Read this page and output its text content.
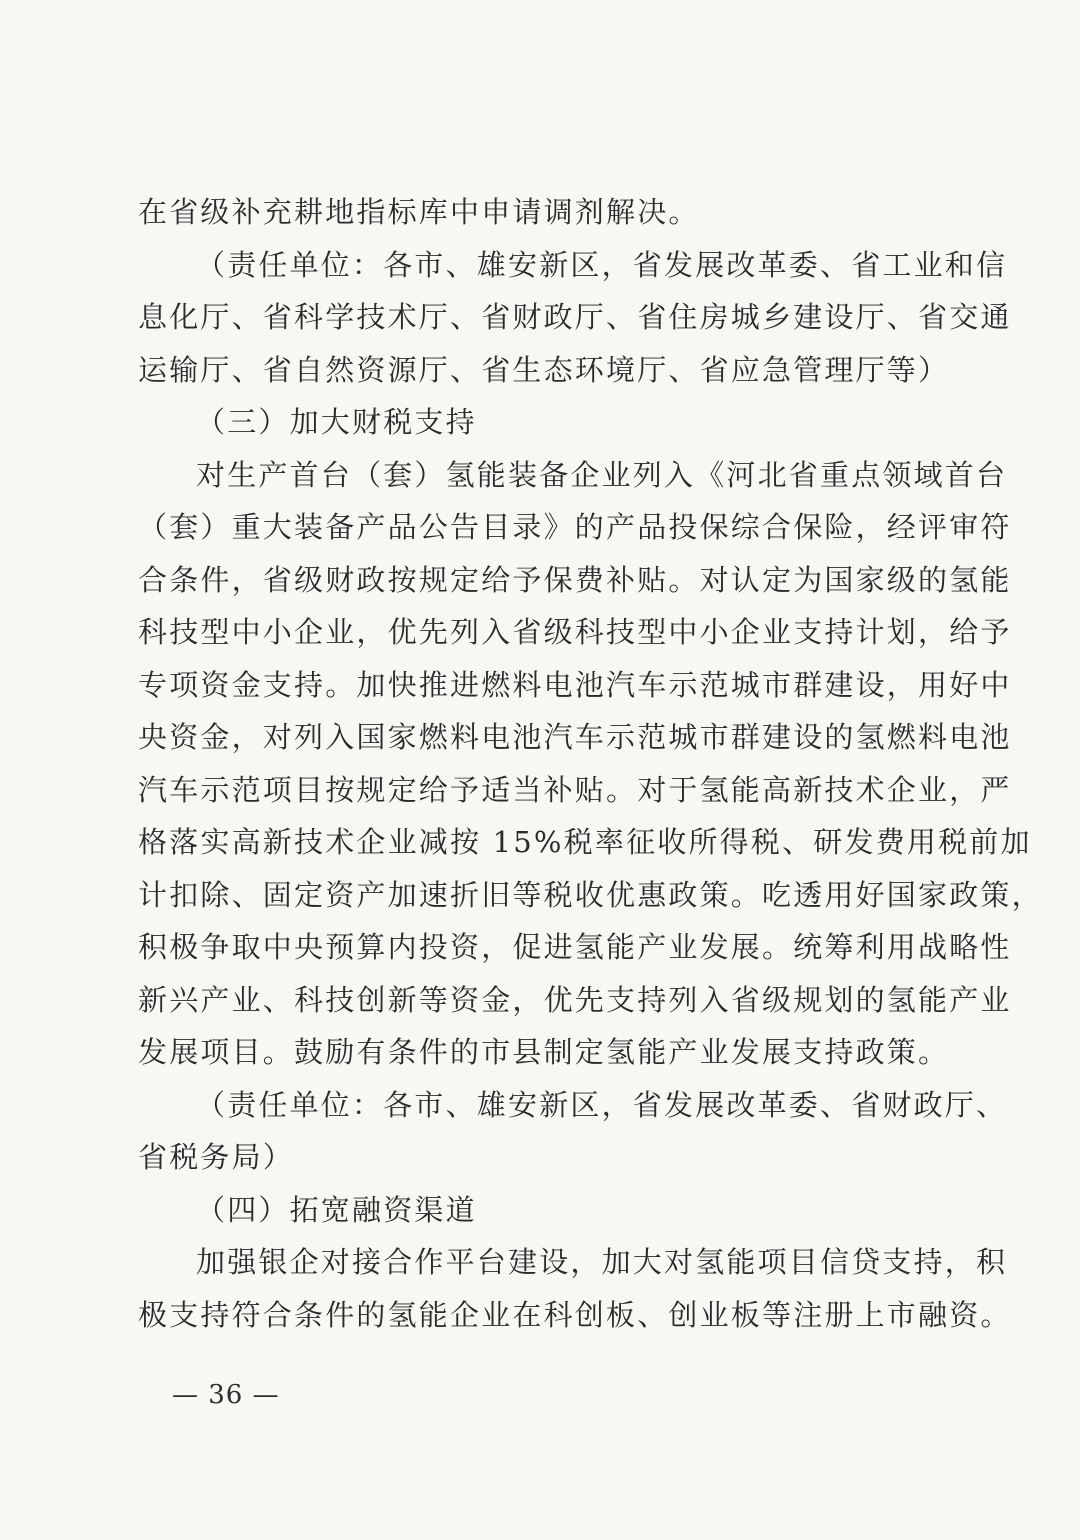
在省级补充耕地指标库中申请调剂解决。
（责任单位：各市、雄安新区，省发展改革委、省工业和信
息化厅、省科学技术厅、省财政厅、省住房城乡建设厅、省交通
运输厅、省自然资源厅、省生态环境厅、省应急管理厅等）
（三）加大财税支持
对生产首台（套）氢能装备企业列入《河北省重点领域首台
（套）重大装备产品公告目录》的产品投保综合保险，经评审符
合条件，省级财政按规定给予保费补贴。对认定为国家级的氢能
科技型中小企业，优先列入省级科技型中小企业支持计划，给予
专项资金支持。加快推进燃料电池汽车示范城市群建设，用好中
央资金，对列入国家燃料电池汽车示范城市群建设的氢燃料电池
汽车示范项目按规定给予适当补贴。对于氢能高新技术企业，严
格落实高新技术企业减按 15%税率征收所得税、研发费用税前加
计扣除、固定资产加速折旧等税收优惠政策。吃透用好国家政策，
积极争取中央预算内投资，促进氢能产业发展。统筹利用战略性
新兴产业、科技创新等资金，优先支持列入省级规划的氢能产业
发展项目。鼓励有条件的市县制定氢能产业发展支持政策。
（责任单位：各市、雄安新区，省发展改革委、省财政厅、
省税务局）
（四）拓宽融资渠道
加强银企对接合作平台建设，加大对氢能项目信贷支持，积
极支持符合条件的氢能企业在科创板、创业板等注册上市融资。
— 36 —
